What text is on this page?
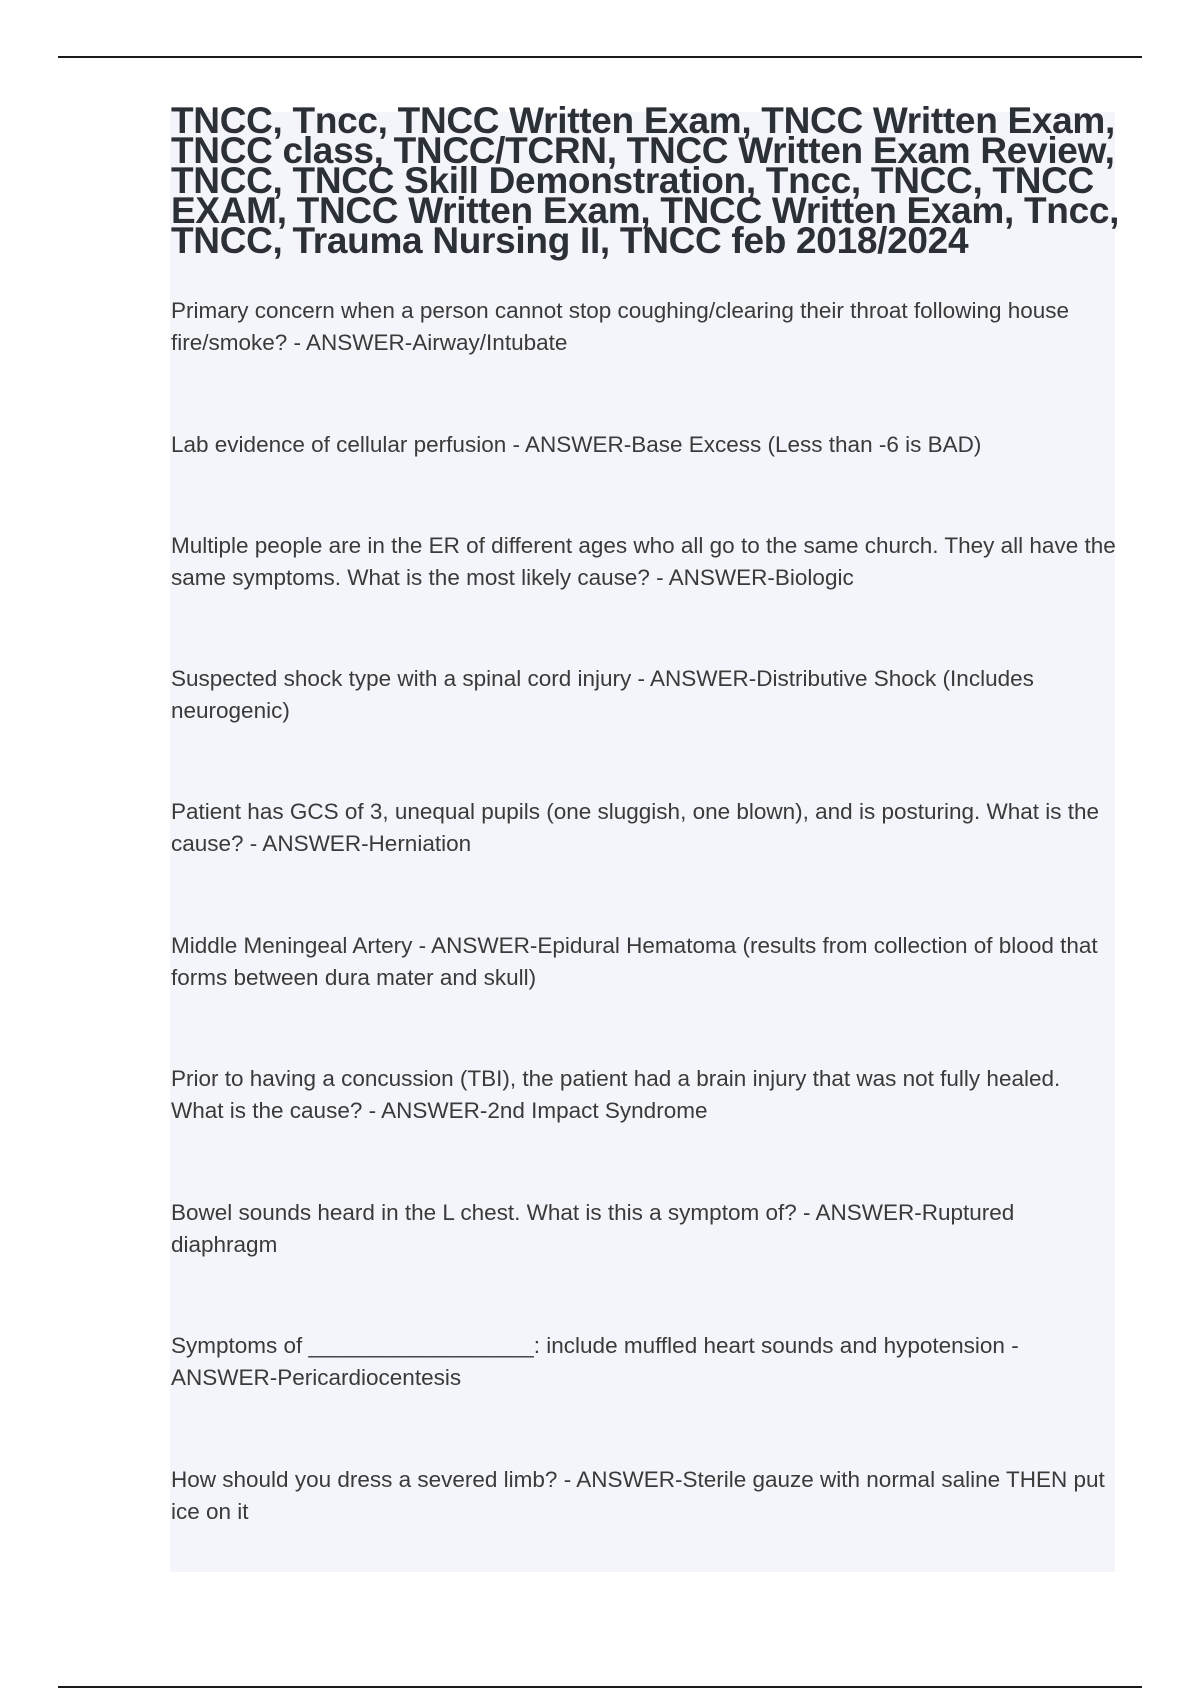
TNCC, Tncc, TNCC Written Exam, TNCC Written Exam, TNCC class, TNCC/TCRN, TNCC Written Exam Review, TNCC, TNCC Skill Demonstration, Tncc, TNCC, TNCC EXAM, TNCC Written Exam, TNCC Written Exam, Tncc, TNCC, Trauma Nursing II, TNCC feb 2018/2024
Primary concern when a person cannot stop coughing/clearing their throat following house fire/smoke? - ANSWER-Airway/Intubate
Lab evidence of cellular perfusion - ANSWER-Base Excess (Less than -6 is BAD)
Multiple people are in the ER of different ages who all go to the same church. They all have the same symptoms. What is the most likely cause? - ANSWER-Biologic
Suspected shock type with a spinal cord injury - ANSWER-Distributive Shock (Includes neurogenic)
Patient has GCS of 3, unequal pupils (one sluggish, one blown), and is posturing. What is the cause? - ANSWER-Herniation
Middle Meningeal Artery - ANSWER-Epidural Hematoma (results from collection of blood that forms between dura mater and skull)
Prior to having a concussion (TBI), the patient had a brain injury that was not fully healed. What is the cause? - ANSWER-2nd Impact Syndrome
Bowel sounds heard in the L chest. What is this a symptom of? - ANSWER-Ruptured diaphragm
Symptoms of __________________: include muffled heart sounds and hypotension - ANSWER-Pericardiocentesis
How should you dress a severed limb? - ANSWER-Sterile gauze with normal saline THEN put ice on it
